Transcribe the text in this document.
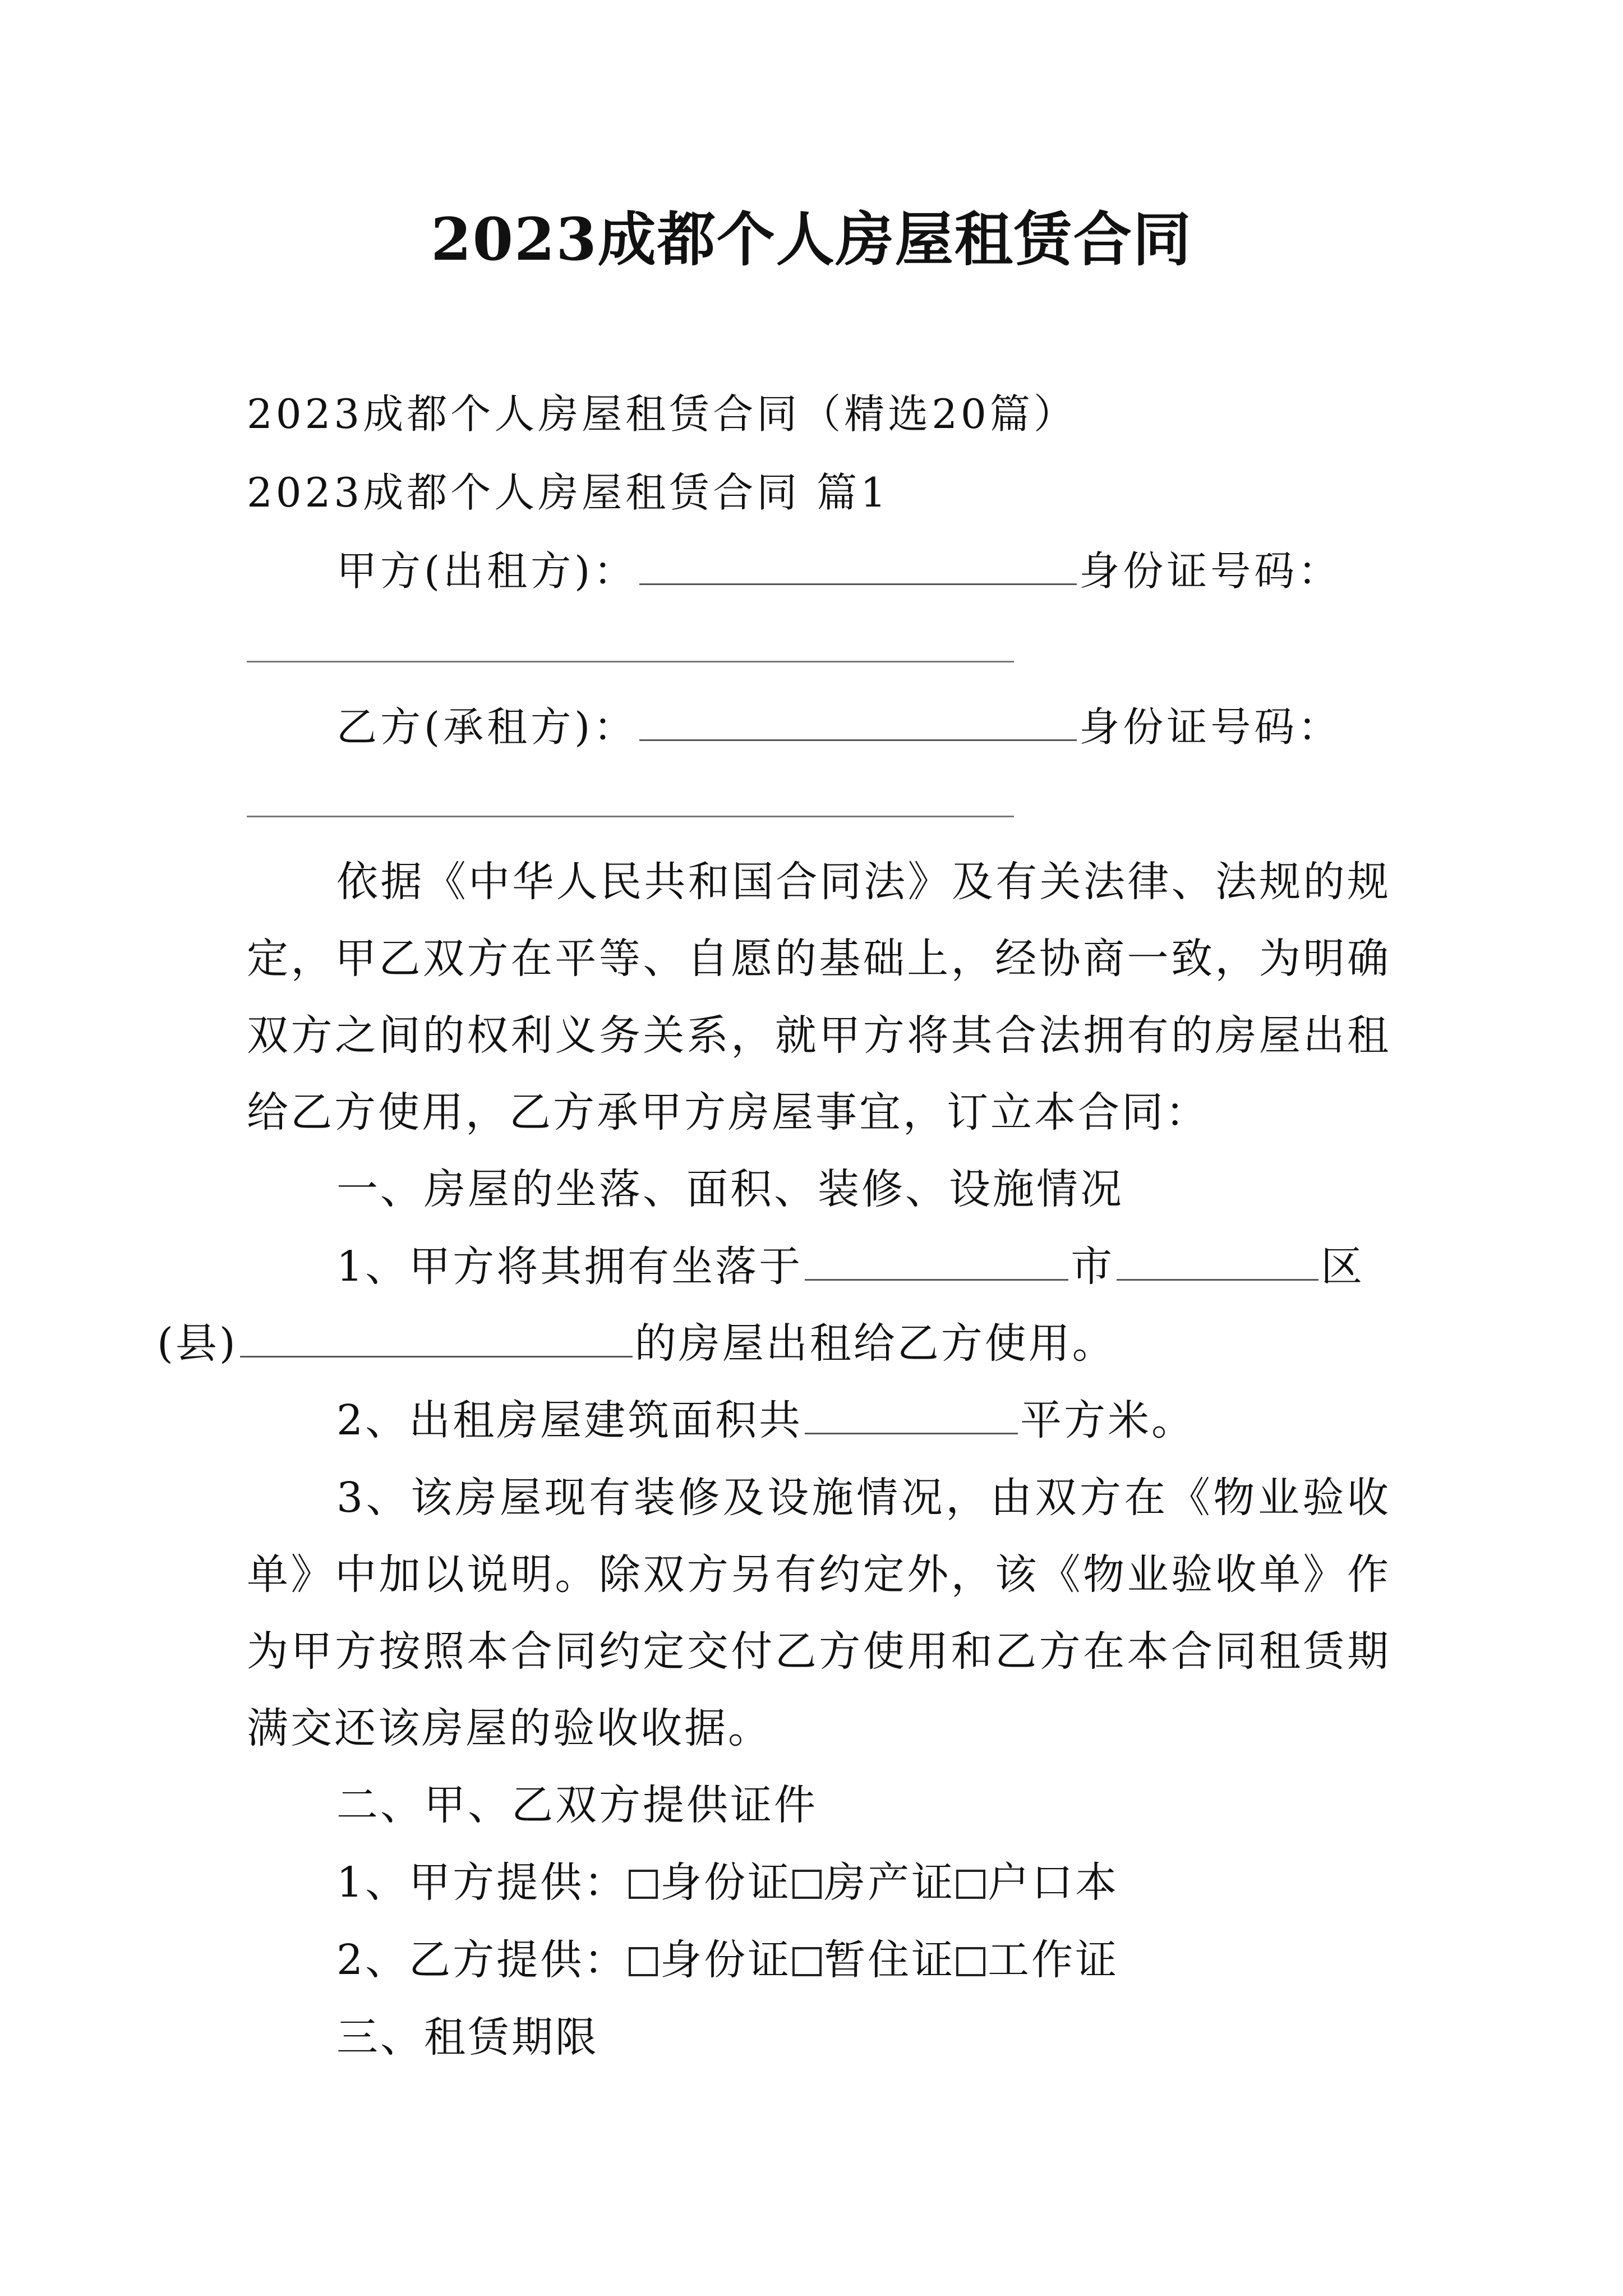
2023成都个人房屋租赁合同
2023成都个人房屋租赁合同（精选20篇）
2023成都个人房屋租赁合同 篇1
甲方(出租方)：	身份证号码：
乙方(承租方)：	身份证号码：
依据《中华人民共和国合同法》及有关法律、法规的规定，甲乙双方在平等、自愿的基础上，经协商一致，为明确双方之间的权利义务关系，就甲方将其合法拥有的房屋出租给乙方使用，乙方承甲方房屋事宜，订立本合同：
一、房屋的坐落、面积、装修、设施情况
1、甲方将其拥有坐落于	市	区
(县)	的房屋出租给乙方使用。
2、出租房屋建筑面积共	平方米。
3、该房屋现有装修及设施情况，由双方在《物业验收单》中加以说明。除双方另有约定外，该《物业验收单》作为甲方按照本合同约定交付乙方使用和乙方在本合同租赁期满交还该房屋的验收收据。
二、甲、乙双方提供证件
1、甲方提供： 身份证 房产证 户口本
2、乙方提供： 身份证 暂住证 工作证
三、租赁期限
